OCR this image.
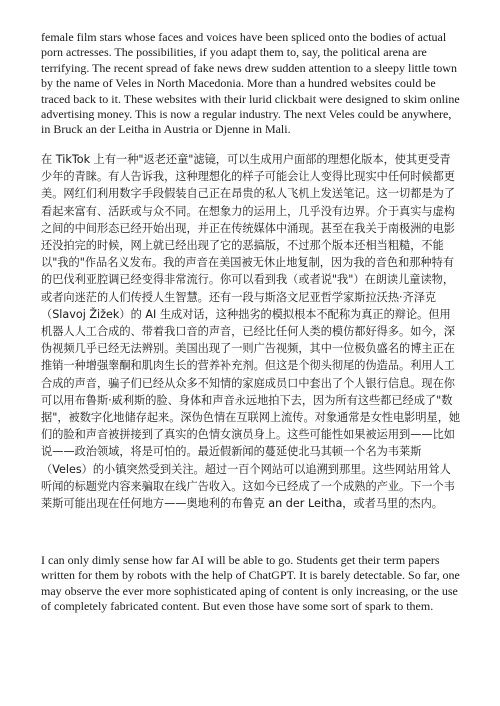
female film stars whose faces and voices have been spliced onto the bodies of actual porn actresses. The possibilities, if you adapt them to, say, the political arena are terrifying. The recent spread of fake news drew sudden attention to a sleepy little town by the name of Veles in North Macedonia. More than a hundred websites could be traced back to it. These websites with their lurid clickbait were designed to skim online advertising money. This is now a regular industry. The next Veles could be anywhere, in Bruck an der Leitha in Austria or Djenne in Mali.

在 TikTok 上有一种"返老还童"滤镜，可以生成用户面部的理想化版本，使其更受青少年的青睐。有人告诉我，这种理想化的样子可能会让人变得比现实中任何时候都更美。网红们利用数字手段假装自己正在昂贵的私人飞机上发送笔记。这一切都是为了看起来富有、活跃或与众不同。在想象力的运用上，几乎没有边界。介于真实与虚构之间的中间形态已经开始出现，并正在传统媒体中涌现。甚至在我关于南极洲的电影还没拍完的时候，网上就已经出现了它的恶搞版，不过那个版本还相当粗糙，不能以"我的"作品名义发布。我的声音在美国被无休止地复制，因为我的音色和那种特有的巴伐利亚腔调已经变得非常流行。你可以看到我（或者说"我"）在朗读儿童读物，或者向迷茫的人们传授人生智慧。还有一段与斯洛文尼亚哲学家斯拉沃热·齐泽克（Slavoj Žižek）的 AI 生成对话，这种拙劣的模拟根本不配称为真正的辩论。但用机器人人工合成的、带着我口音的声音，已经比任何人类的模仿都好得多。如今，深伪视频几乎已经无法辨别。美国出现了一则广告视频，其中一位极负盛名的博主正在推销一种增强睾酮和肌肉生长的营养补充剂。但这是个彻头彻尾的伪造品。利用人工合成的声音，骗子们已经从众多不知情的家庭成员口中套出了个人银行信息。现在你可以用布鲁斯·威利斯的脸、身体和声音永远地拍下去，因为所有这些都已经成了"数据"，被数字化地储存起来。深伪色情在互联网上流传。对象通常是女性电影明星，她们的脸和声音被拼接到了真实的色情女演员身上。这些可能性如果被运用到——比如说——政治领域，将是可怕的。最近假新闻的蔓延使北马其顿一个名为韦莱斯（Veles）的小镇突然受到关注。超过一百个网站可以追溯到那里。这些网站用耸人听闻的标题党内容来骗取在线广告收入。这如今已经成了一个成熟的产业。下一个韦莱斯可能出现在任何地方——奥地利的布鲁克 an der Leitha，或者马里的杰内。

I can only dimly sense how far AI will be able to go. Students get their term papers written for them by robots with the help of ChatGPT. It is barely detectable. So far, one may observe the ever more sophisticated aping of content is only increasing, or the use of completely fabricated content. But even those have some sort of spark to them.
